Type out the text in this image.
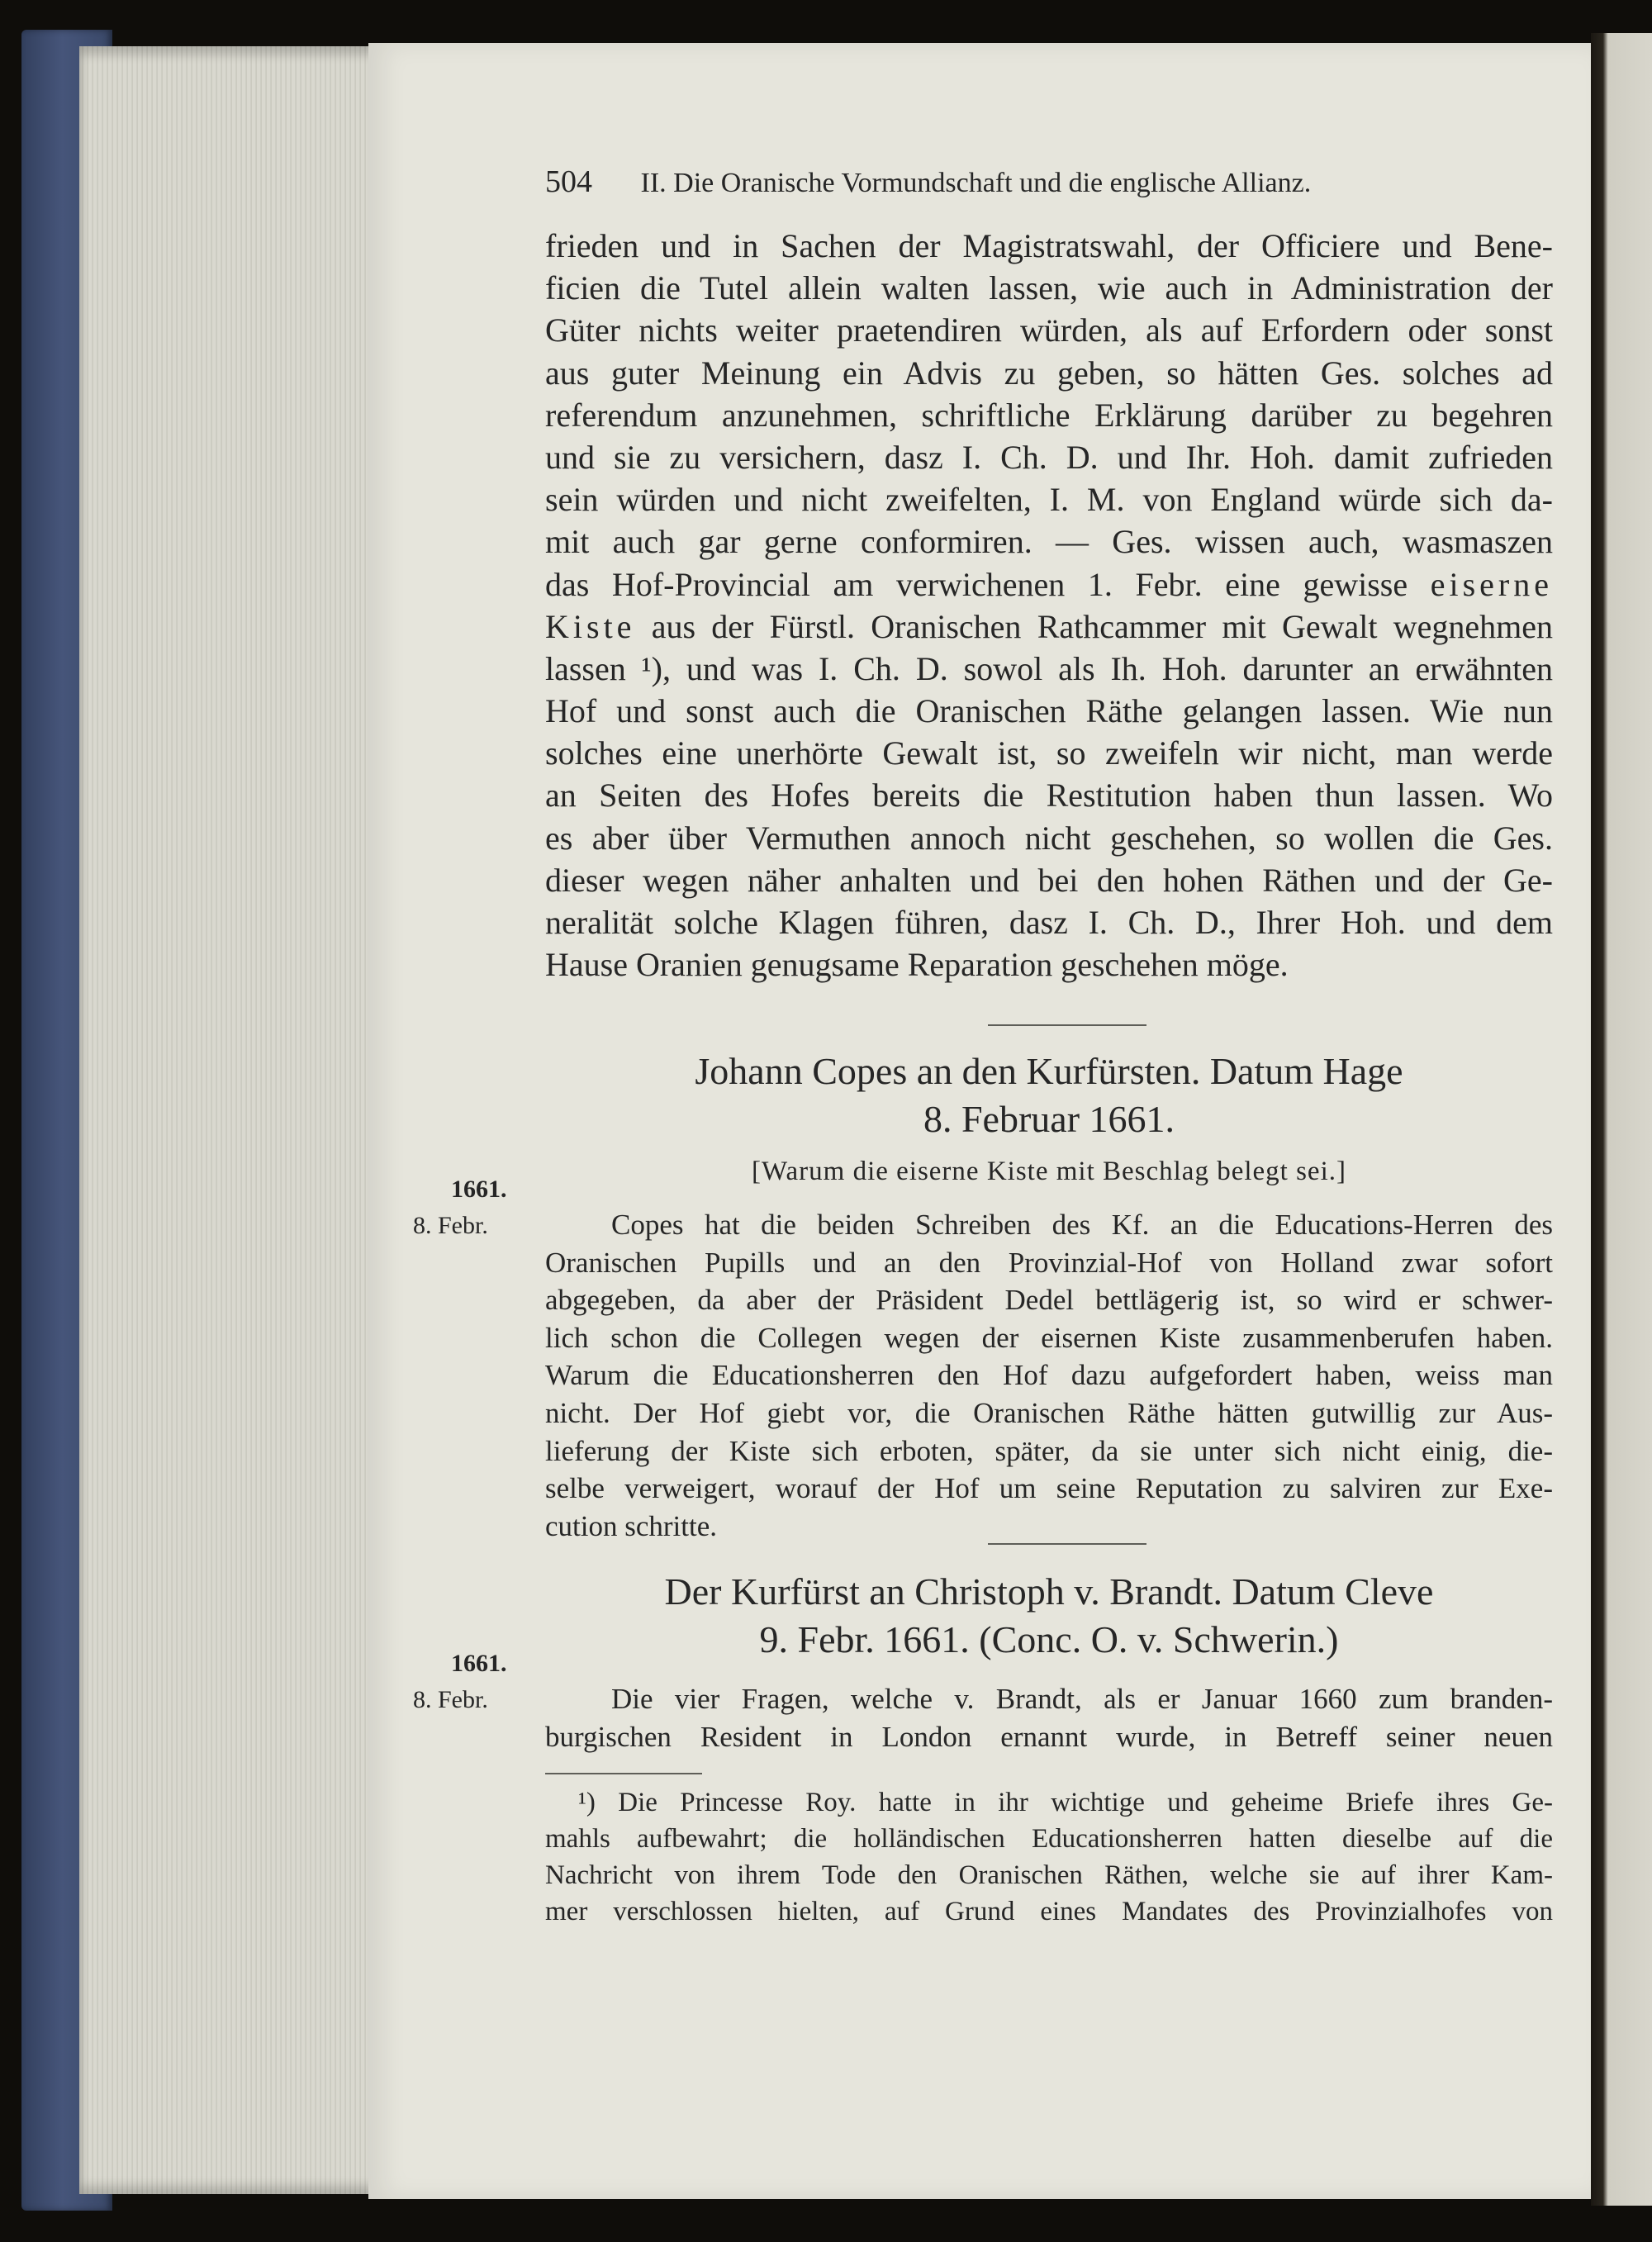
504 II. Die Oranische Vormundschaft und die englische Allianz.
frieden und in Sachen der Magistratswahl, der Officiere und Bene-
ficien die Tutel allein walten lassen, wie auch in Administration der
Güter nichts weiter praetendiren würden, als auf Erfordern oder sonst
aus guter Meinung ein Advis zu geben, so hätten Ges. solches ad
referendum anzunehmen, schriftliche Erklärung darüber zu begehren
und sie zu versichern, dasz I. Ch. D. und Ihr. Hoh. damit zufrieden
sein würden und nicht zweifelten, I. M. von England würde sich da-
mit auch gar gerne conformiren. — Ges. wissen auch, wasmaszen
das Hof-Provincial am verwichenen 1. Febr. eine gewisse eiserne
Kiste aus der Fürstl. Oranischen Rathcammer mit Gewalt wegnehmen
lassen ¹), und was I. Ch. D. sowol als Ih. Hoh. darunter an erwähnten
Hof und sonst auch die Oranischen Räthe gelangen lassen. Wie nun
solches eine unerhörte Gewalt ist, so zweifeln wir nicht, man werde
an Seiten des Hofes bereits die Restitution haben thun lassen. Wo
es aber über Vermuthen annoch nicht geschehen, so wollen die Ges.
dieser wegen näher anhalten und bei den hohen Räthen und der Ge-
neralität solche Klagen führen, dasz I. Ch. D., Ihrer Hoh. und dem
Hause Oranien genugsame Reparation geschehen möge.
Johann Copes an den Kurfürsten. Datum Hage
8. Februar 1661.
[Warum die eiserne Kiste mit Beschlag belegt sei.]
1661.
8. Febr.	Copes hat die beiden Schreiben des Kf. an die Educations-Herren des
Oranischen Pupills und an den Provinzial-Hof von Holland zwar sofort
abgegeben, da aber der Präsident Dedel bettlägerig ist, so wird er schwer-
lich schon die Collegen wegen der eisernen Kiste zusammenberufen haben.
Warum die Educationsherren den Hof dazu aufgefordert haben, weiss man
nicht. Der Hof giebt vor, die Oranischen Räthe hätten gutwillig zur Aus-
lieferung der Kiste sich erboten, später, da sie unter sich nicht einig, die-
selbe verweigert, worauf der Hof um seine Reputation zu salviren zur Exe-
cution schritte.
Der Kurfürst an Christoph v. Brandt. Datum Cleve
9. Febr. 1661. (Conc. O. v. Schwerin.)
1661.
8. Febr.	Die vier Fragen, welche v. Brandt, als er Januar 1660 zum branden-
burgischen Resident in London ernannt wurde, in Betreff seiner neuen
¹) Die Princesse Roy. hatte in ihr wichtige und geheime Briefe ihres Ge-
mahls aufbewahrt; die holländischen Educationsherren hatten dieselbe auf die
Nachricht von ihrem Tode den Oranischen Räthen, welche sie auf ihrer Kam-
mer verschlossen hielten, auf Grund eines Mandates des Provinzialhofes von
